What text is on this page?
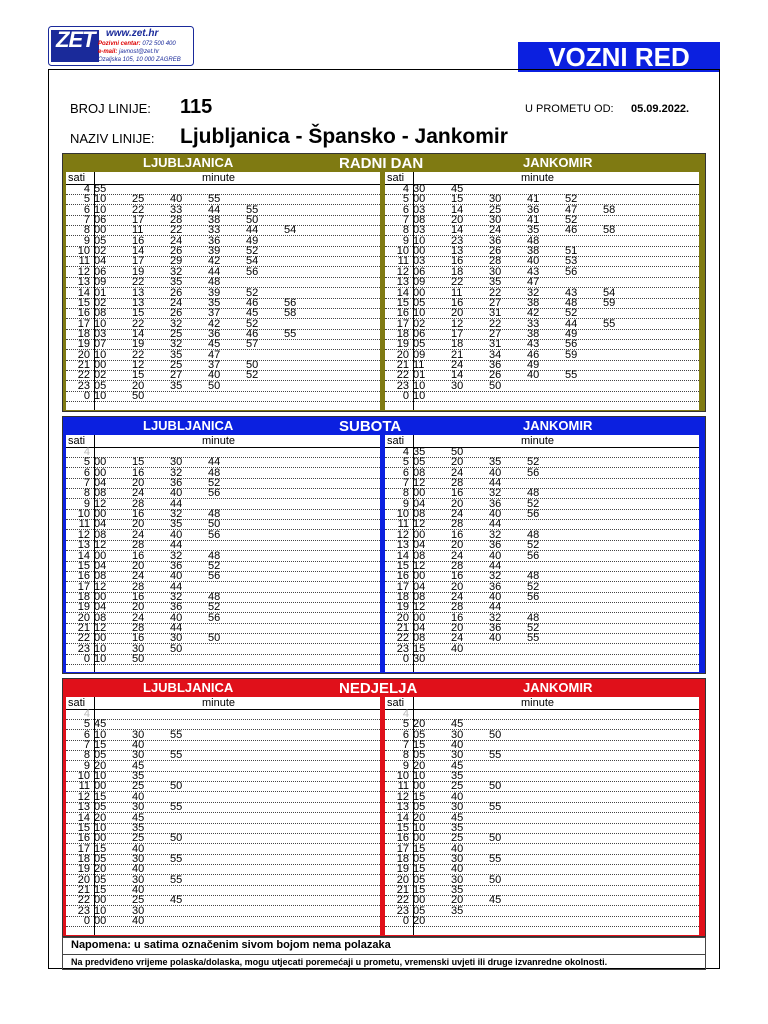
ZET www.zet.hr
Pozivni centar: 072 500 400
e-mail: javnost@zet.hr
Ozaljska 105, 10 000 ZAGREB	VOZNI RED
BROJ LINIJE: 115	U PROMETU OD: 05.09.2022.
NAZIV LINIJE: Ljubljanica - Špansko - Jankomir
LJUBLJANICA	RADNI DAN	JANKOMIR
sati	minute
4 55
5 10 25 40 55
6 10 22 33 44 55
7 06 17 28 38 50
8 00 11 22 33 44 54
9 05 16 24 36 49
10 02 14 26 39 52
11 04 17 29 42 54
12 06 19 32 44 56
13 09 22 35 48
14 01 13 26 39 52
15 02 13 24 35 46 56
16 08 15 26 37 45 58
17 10 22 32 42 52
18 03 14 25 36 46 55
19 07 19 32 45 57
20 10 22 35 47
21 00 12 25 37 50
22 02 15 27 40 52
23 05 20 35 50
0 10 50
sati	minute
4 30 45
5 00 15 30 41 52
6 03 14 25 36 47 58
7 08 20 30 41 52
8 03 14 24 35 46 58
9 10 23 36 48
10 00 13 26 38 51
11 03 16 28 40 53
12 06 18 30 43 56
13 09 22 35 47
14 00 11 22 32 43 54
15 05 16 27 38 48 59
16 10 20 31 42 52
17 02 12 22 33 44 55
18 06 17 27 38 49
19 05 18 31 43 56
20 09 21 34 46 59
21 11 24 36 49
22 01 14 26 40 55
23 10 30 50
0 10
LJUBLJANICA	SUBOTA	JANKOMIR
sati	minute
4
5 00 15 30 44
6 00 16 32 48
7 04 20 36 52
8 08 24 40 56
9 12 28 44
10 00 16 32 48
11 04 20 35 50
12 08 24 40 56
13 12 28 44
14 00 16 32 48
15 04 20 36 52
16 08 24 40 56
17 12 28 44
18 00 16 32 48
19 04 20 36 52
20 08 24 40 56
21 12 28 44
22 00 16 30 50
23 10 30 50
0 10 50
sati	minute
4 35 50
5 05 20 35 52
6 08 24 40 56
7 12 28 44
8 00 16 32 48
9 04 20 36 52
10 08 24 40 56
11 12 28 44
12 00 16 32 48
13 04 20 36 52
14 08 24 40 56
15 12 28 44
16 00 16 32 48
17 04 20 36 52
18 08 24 40 56
19 12 28 44
20 00 16 32 48
21 04 20 36 52
22 08 24 40 55
23 15 40
0 30
LJUBLJANICA	NEDJELJA	JANKOMIR
sati	minute
4
5 45
6 10 30 55
7 15 40
8 05 30 55
9 20 45
10 10 35
11 00 25 50
12 15 40
13 05 30 55
14 20 45
15 10 35
16 00 25 50
17 15 40
18 05 30 55
19 20 40
20 05 30 55
21 15 40
22 00 25 45
23 10 30
0 00 40
sati	minute
4
5 20 45
6 05 30 50
7 15 40
8 05 30 55
9 20 45
10 10 35
11 00 25 50
12 15 40
13 05 30 55
14 20 45
15 10 35
16 00 25 50
17 15 40
18 05 30 55
19 15 40
20 05 30 50
21 15 35
22 00 20 45
23 05 35
0 20
Napomena: u satima označenim sivom bojom nema polazaka
Na predviđeno vrijeme polaska/dolaska, mogu utjecati poremećaji u prometu, vremenski uvjeti ili druge izvanredne okolnosti.
